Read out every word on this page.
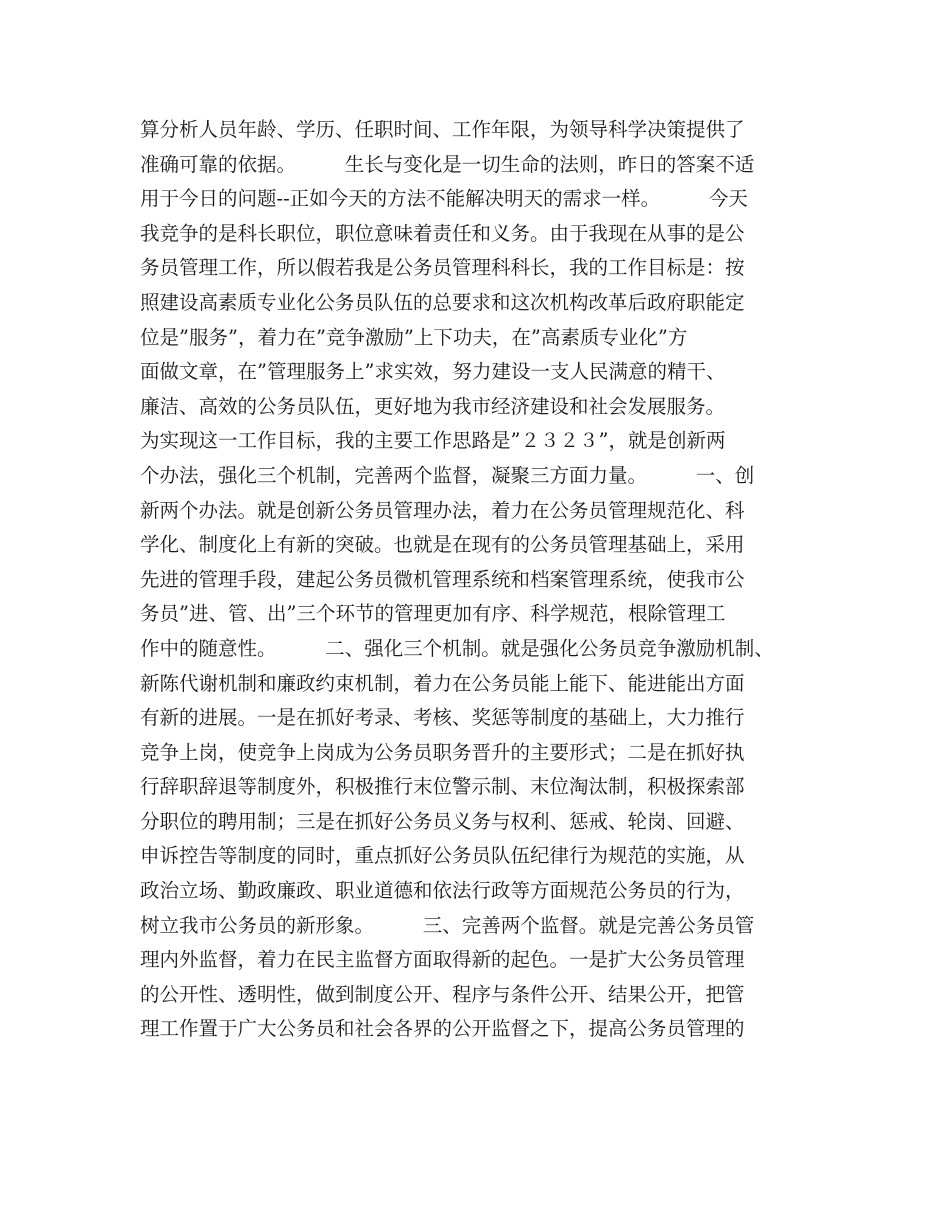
算分析人员年龄、学历、任职时间、工作年限，为领导科学决策提供了
准确可靠的依据。　　　生长与变化是一切生命的法则，昨日的答案不适
用于今日的问题--正如今天的方法不能解决明天的需求一样。　　　今天
我竞争的是科长职位，职位意味着责任和义务。由于我现在从事的是公
务员管理工作，所以假若我是公务员管理科科长，我的工作目标是：按
照建设高素质专业化公务员队伍的总要求和这次机构改革后政府职能定
位是”服务”，着力在”竞争激励”上下功夫，在”高素质专业化”方
面做文章，在”管理服务上”求实效，努力建设一支人民满意的精干、
廉洁、高效的公务员队伍，更好地为我市经济建设和社会发展服务。
为实现这一工作目标，我的主要工作思路是”２３２３”，就是创新两
个办法，强化三个机制，完善两个监督，凝聚三方面力量。　　　一、创
新两个办法。就是创新公务员管理办法，着力在公务员管理规范化、科
学化、制度化上有新的突破。也就是在现有的公务员管理基础上，采用
先进的管理手段，建起公务员微机管理系统和档案管理系统，使我市公
务员”进、管、出”三个环节的管理更加有序、科学规范，根除管理工
作中的随意性。　　　二、强化三个机制。就是强化公务员竞争激励机制、
新陈代谢机制和廉政约束机制，着力在公务员能上能下、能进能出方面
有新的进展。一是在抓好考录、考核、奖惩等制度的基础上，大力推行
竞争上岗，使竞争上岗成为公务员职务晋升的主要形式；二是在抓好执
行辞职辞退等制度外，积极推行末位警示制、末位淘汰制，积极探索部
分职位的聘用制；三是在抓好公务员义务与权利、惩戒、轮岗、回避、
申诉控告等制度的同时，重点抓好公务员队伍纪律行为规范的实施，从
政治立场、勤政廉政、职业道德和依法行政等方面规范公务员的行为，
树立我市公务员的新形象。　　　三、完善两个监督。就是完善公务员管
理内外监督，着力在民主监督方面取得新的起色。一是扩大公务员管理
的公开性、透明性，做到制度公开、程序与条件公开、结果公开，把管
理工作置于广大公务员和社会各界的公开监督之下，提高公务员管理的
